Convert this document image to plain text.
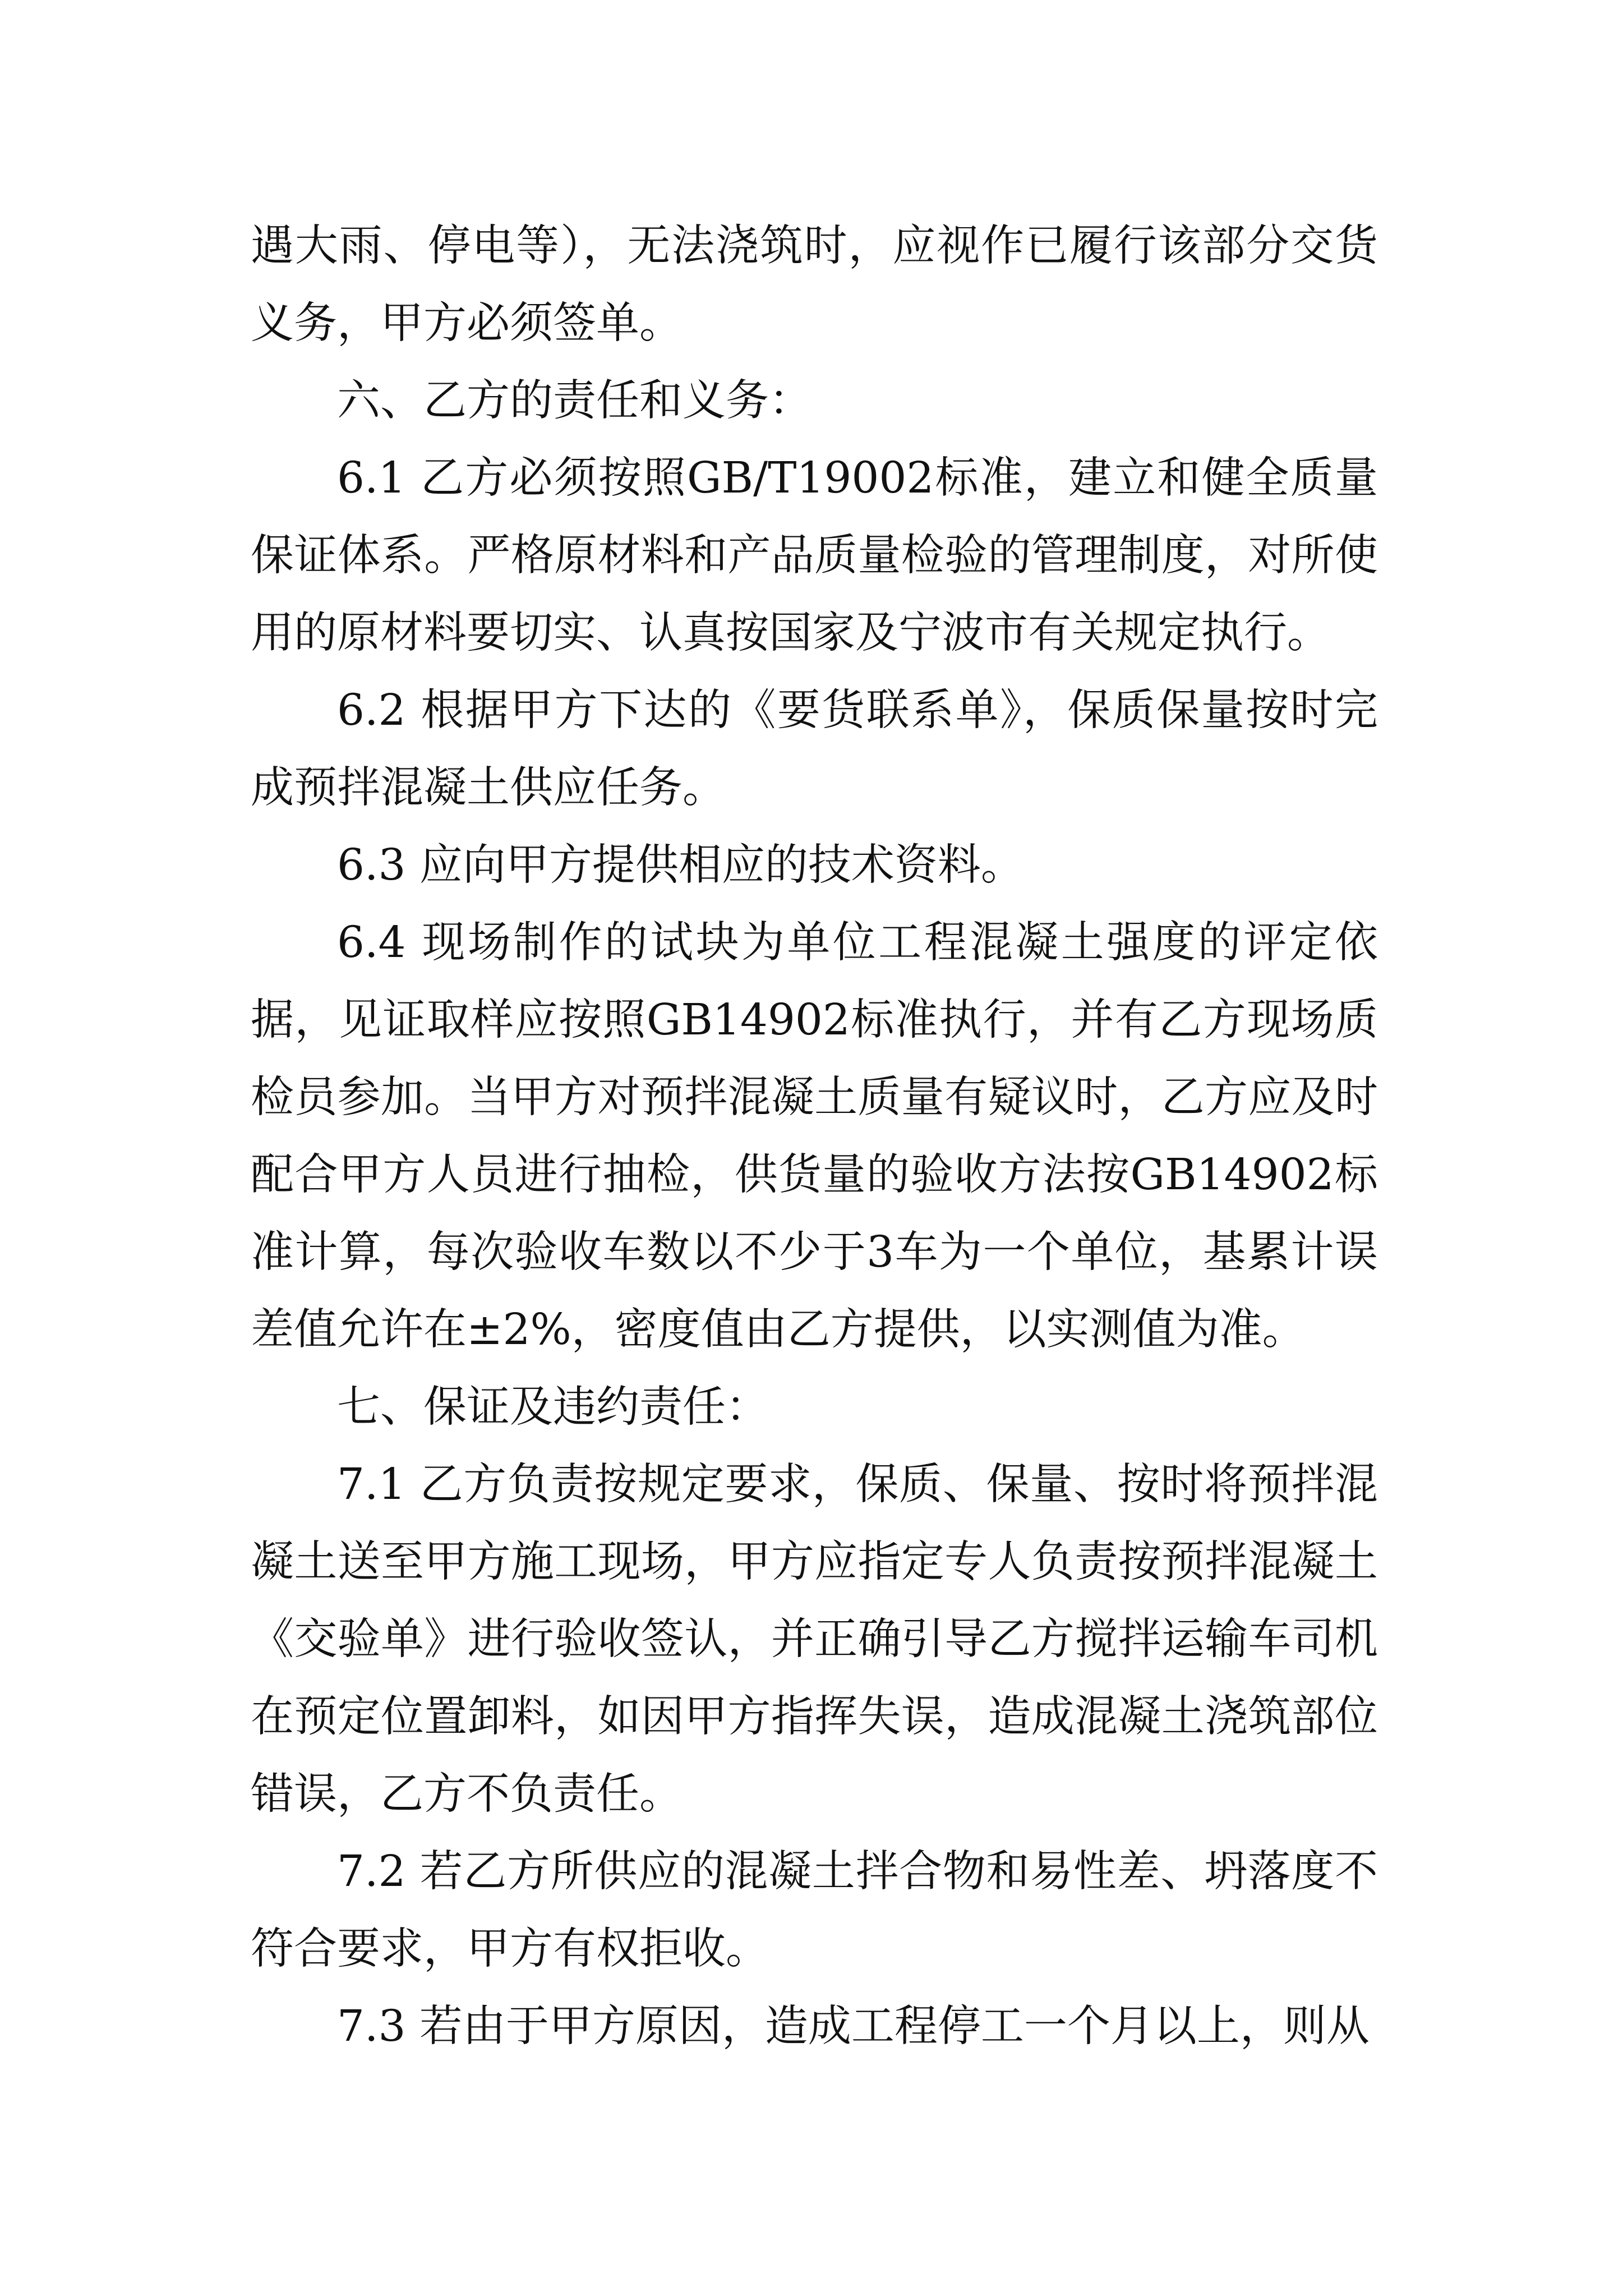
遇大雨、停电等），无法浇筑时，应视作已履行该部分交货义务，甲方必须签单。

六、乙方的责任和义务：

6.1 乙方必须按照GB/T19002标准，建立和健全质量保证体系。严格原材料和产品质量检验的管理制度，对所使用的原材料要切实、认真按国家及宁波市有关规定执行。

6.2 根据甲方下达的《要货联系单》，保质保量按时完成预拌混凝土供应任务。

6.3 应向甲方提供相应的技术资料。

6.4 现场制作的试块为单位工程混凝土强度的评定依据，见证取样应按照GB14902标准执行，并有乙方现场质检员参加。当甲方对预拌混凝土质量有疑议时，乙方应及时配合甲方人员进行抽检，供货量的验收方法按GB14902标准计算，每次验收车数以不少于3车为一个单位，基累计误差值允许在±2%，密度值由乙方提供，以实测值为准。

七、保证及违约责任：

7.1 乙方负责按规定要求，保质、保量、按时将预拌混凝土送至甲方施工现场，甲方应指定专人负责按预拌混凝土《交验单》进行验收签认，并正确引导乙方搅拌运输车司机在预定位置卸料，如因甲方指挥失误，造成混凝土浇筑部位错误，乙方不负责任。

7.2 若乙方所供应的混凝土拌合物和易性差、坍落度不符合要求，甲方有权拒收。

7.3 若由于甲方原因，造成工程停工一个月以上，则从
